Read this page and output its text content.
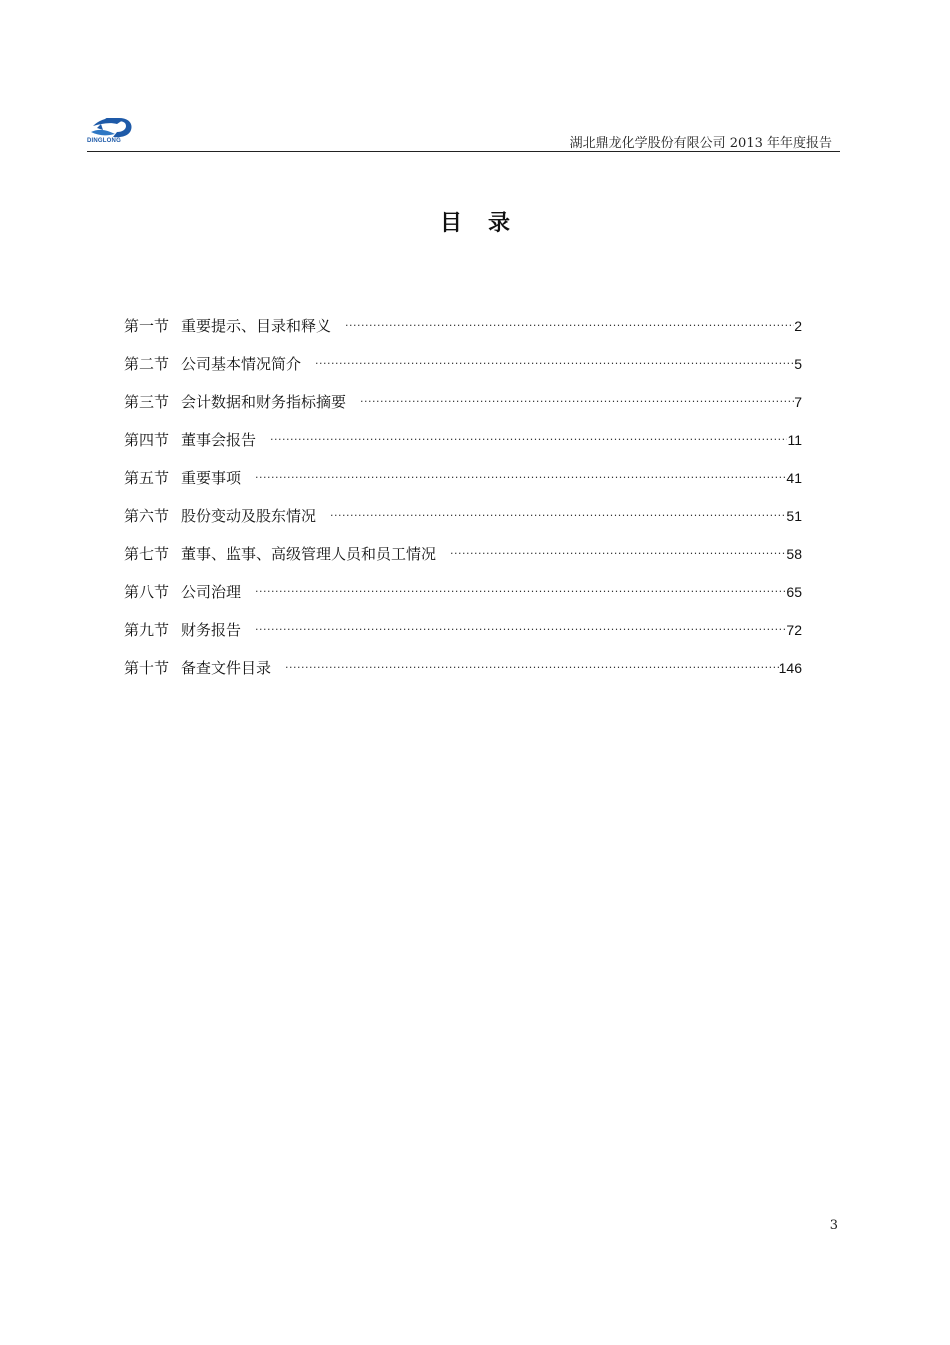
DINGLONG	湖北鼎龙化学股份有限公司 2013 年年度报告
目录
第一节 重要提示、目录和释义 ·····	2
第二节 公司基本情况简介 ·····	5
第三节 会计数据和财务指标摘要 ·····	7
第四节 董事会报告 ·····	11
第五节 重要事项 ·····	41
第六节 股份变动及股东情况 ·····	51
第七节 董事、监事、高级管理人员和员工情况 ·····	58
第八节 公司治理 ·····	65
第九节 财务报告 ·····	72
第十节 备查文件目录 ·····	146
3
